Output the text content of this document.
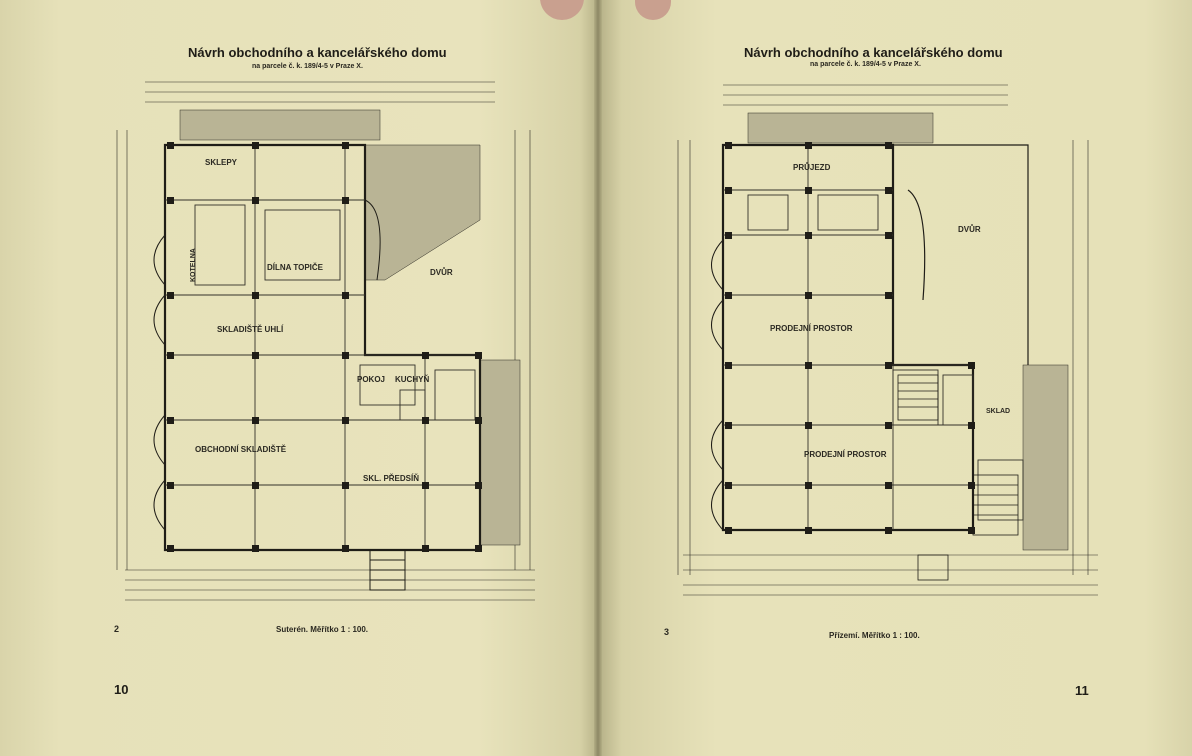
Návrh obchodního a kancelářského domu
na parcele č. k. 189/4-5 v Praze X.
SKLEPY
KOTELNA	DÍLNA TOPIČE
DVŮR
SKLADIŠTĚ UHLÍ
POKOJ KUCHYŇ
OBCHODNÍ SKLADIŠTĚ
SKL. PŘEDSÍŇ
2	Suterén. Měřítko 1 : 100.
10
Návrh obchodního a kancelářského domu
na parcele č. k. 189/4-5 v Praze X.
PRŮJEZD
DVŮR
PRODEJNÍ PROSTOR
PRODEJNÍ PROSTOR
SKLAD
3	Přízemí. Měřítko 1 : 100.
11
